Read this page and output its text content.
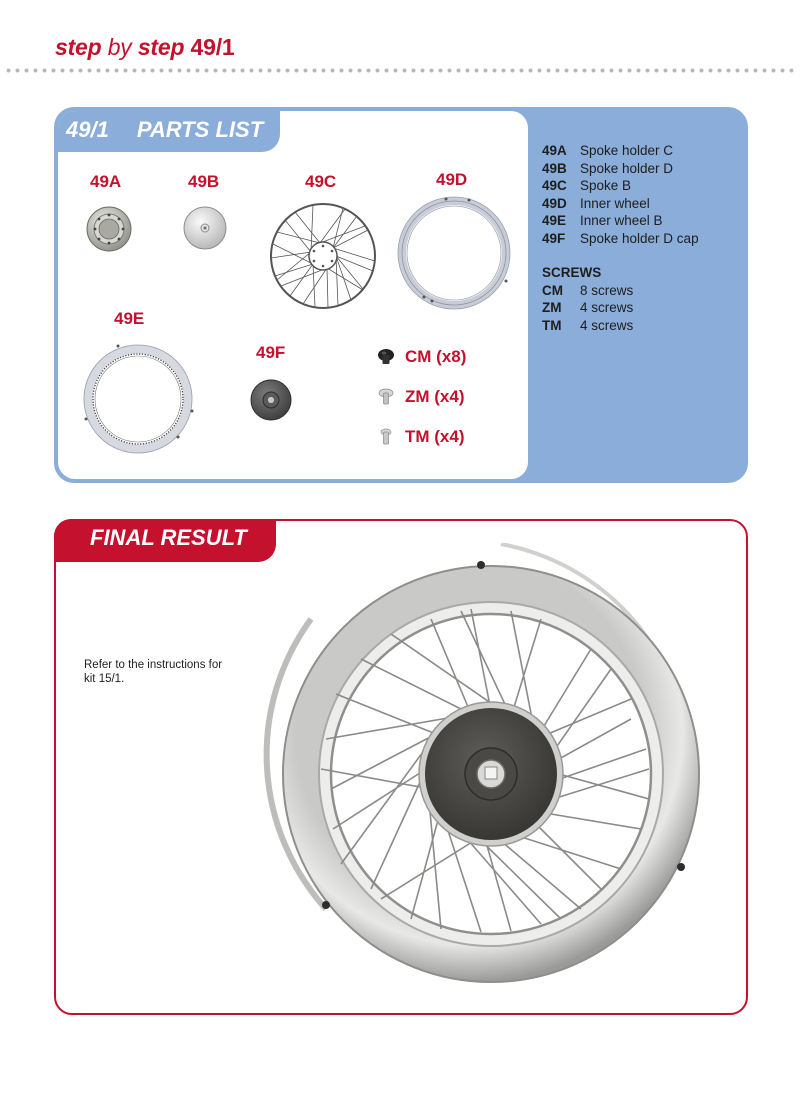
step by step 49/1
49/1 PARTS LIST
49A	49B	49C	49D
49E
49F	CM (x8)
ZM (x4)
TM (x4)
49A Spoke holder C
49B Spoke holder D
49C Spoke B
49D Inner wheel
49E	Inner wheel B
49F	Spoke holder D cap
SCREWS
CM	8 screws
ZM	4 screws
TM	4 screws
FINAL RESULT
Refer to the instructions for kit 15/1.
